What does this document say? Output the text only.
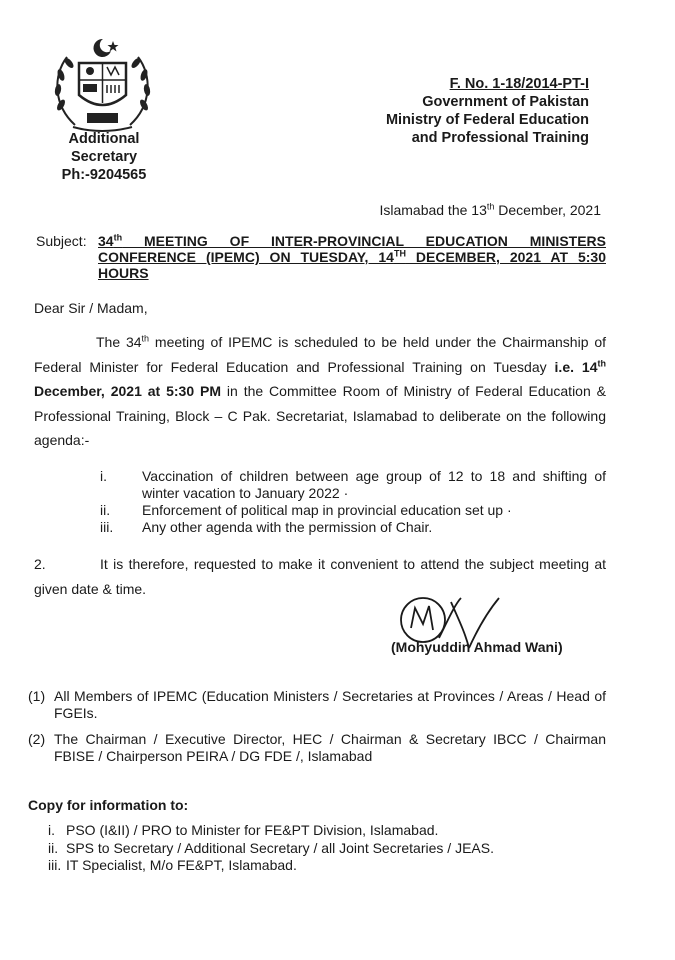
Additional
Secretary
Ph:-9204565
F. No. 1-18/2014-PT-I
Government of Pakistan
Ministry of Federal Education
and Professional Training
Islamabad the 13th December, 2021
Subject: 34th MEETING OF INTER-PROVINCIAL EDUCATION MINISTERS CONFERENCE (IPEMC) ON TUESDAY, 14TH DECEMBER, 2021 AT 5:30 HOURS
Dear Sir / Madam,
The 34th meeting of IPEMC is scheduled to be held under the Chairmanship of Federal Minister for Federal Education and Professional Training on Tuesday i.e. 14th December, 2021 at 5:30 PM in the Committee Room of Ministry of Federal Education & Professional Training, Block – C Pak. Secretariat, Islamabad to deliberate on the following agenda:-
i.	Vaccination of children between age group of 12 to 18 and shifting of winter vacation to January 2022 ·
ii.	Enforcement of political map in provincial education set up ·
iii.	Any other agenda with the permission of Chair.
2.	It is therefore, requested to make it convenient to attend the subject meeting at given date & time.
(Mohyuddin Ahmad Wani)
(1) All Members of IPEMC (Education Ministers / Secretaries at Provinces / Areas / Head of FGEIs.
(2) The Chairman / Executive Director, HEC / Chairman & Secretary IBCC / Chairman FBISE / Chairperson PEIRA / DG FDE /, Islamabad
Copy for information to:
i. PSO (I&II) / PRO to Minister for FE&PT Division, Islamabad.
ii. SPS to Secretary / Additional Secretary / all Joint Secretaries / JEAS.
iii. IT Specialist, M/o FE&PT, Islamabad.
